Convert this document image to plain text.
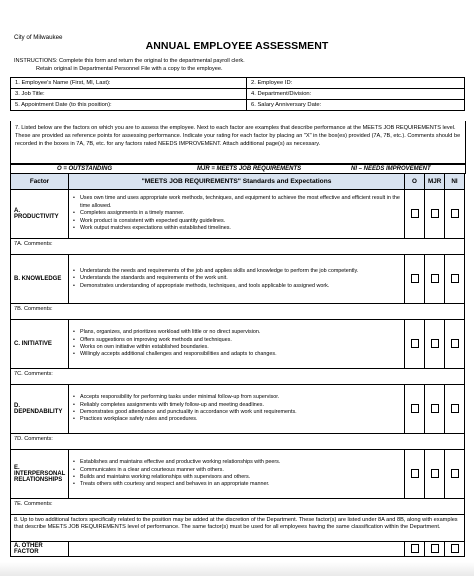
City of Milwaukee
ANNUAL EMPLOYEE ASSESSMENT
INSTRUCTIONS: Complete this form and return the original to the departmental payroll clerk.
Retain original in Departmental Personnel File with a copy to the employee.
1. Employee's Name (First, MI, Last):	2. Employee ID:
3. Job Title:	4. Department/Division:
5. Appointment Date (to this position):	6. Salary Anniversary Date:
7. Listed below are the factors on which you are to assess the employee. Next to each factor are examples that describe performance at the MEETS JOB REQUIREMENTS level. These are provided as reference points for assessing performance. Indicate your rating for each factor by placing an "X" in the box(es) provided (7A, 7B, etc.). Comments should be recorded in the boxes in 7A, 7B, etc. for any factors rated NEEDS IMPROVEMENT. Attach additional page(s) as necessary.
O = OUTSTANDING	MJR = MEETS JOB REQUIREMENTS	NI – NEEDS IMPROVEMENT
Factor	"MEETS JOB REQUIREMENTS" Standards and Expectations	O	MJR	NI
A. PRODUCTIVITY	• Uses own time and uses appropriate work methods, techniques, and equipment to achieve the most effective and efficient result in the time allowed.
• Completes assignments in a timely manner.
• Work product is consistent with expected quantity guidelines.
• Work output matches expectations within established timelines.

7A. Comments:				
B. KNOWLEDGE	• Understands the needs and requirements of the job and applies skills and knowledge to perform the job competently.
• Understands the standards and requirements of the work unit.
• Demonstrates understanding of appropriate methods, techniques, and tools applicable to assigned work.

7B. Comments:				
C. INITIATIVE	• Plans, organizes, and prioritizes workload with little or no direct supervision.
• Offers suggestions on improving work methods and techniques.
• Works on own initiative within established boundaries.
• Willingly accepts additional challenges and responsibilities and adapts to changes.

7C. Comments:				
D. DEPENDABILITY	• Accepts responsibility for performing tasks under minimal follow-up from supervisor.
• Reliably completes assignments with timely follow-up and meeting deadlines.
• Demonstrates good attendance and punctuality in accordance with work unit requirements.
• Practices workplace safety rules and procedures.

7D. Comments:				
E. INTERPERSONAL RELATIONSHIPS	• Establishes and maintains effective and productive working relationships with peers.
• Communicates in a clear and courteous manner with others.
• Builds and maintains working relationships with supervisors and others.
• Treats others with courtesy and respect and behaves in an appropriate manner.

7E. Comments:				
8. Up to two additional factors specifically related to the position may be added at the discretion of the Department. These factor(s) are listed under 8A and 8B, along with examples that describe MEETS JOB REQUIREMENTS level of performance. The same factor(s) must be used for all employees having the same classification within the Department.				
A. OTHER FACTOR				
